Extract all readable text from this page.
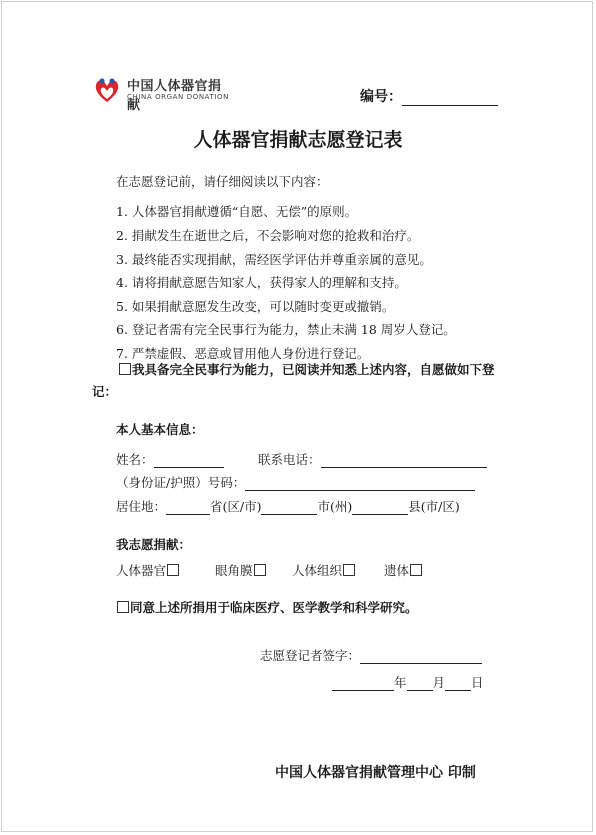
中国人体器官捐献
CHINA ORGAN DONATION	编号：
人体器官捐献志愿登记表
在志愿登记前，请仔细阅读以下内容：
1. 人体器官捐献遵循“自愿、无偿”的原则。
2. 捐献发生在逝世之后，不会影响对您的抢救和治疗。
3. 最终能否实现捐献，需经医学评估并尊重亲属的意见。
4. 请将捐献意愿告知家人，获得家人的理解和支持。
5. 如果捐献意愿发生改变，可以随时变更或撤销。
6. 登记者需有完全民事行为能力，禁止未满 18 周岁人登记。
7. 严禁虚假、恶意或冒用他人身份进行登记。
我具备完全民事行为能力，已阅读并知悉上述内容，自愿做如下登记：
本人基本信息：
姓名：	联系电话：
（身份证/护照）号码：
居住地：	省(区/市)	市(州)	县(市/区)
我志愿捐献：
人体器官	眼角膜	人体组织	遗体
同意上述所捐用于临床医疗、医学教学和科学研究。
志愿登记者签字：
年 月 日
中国人体器官捐献管理中心 印制
